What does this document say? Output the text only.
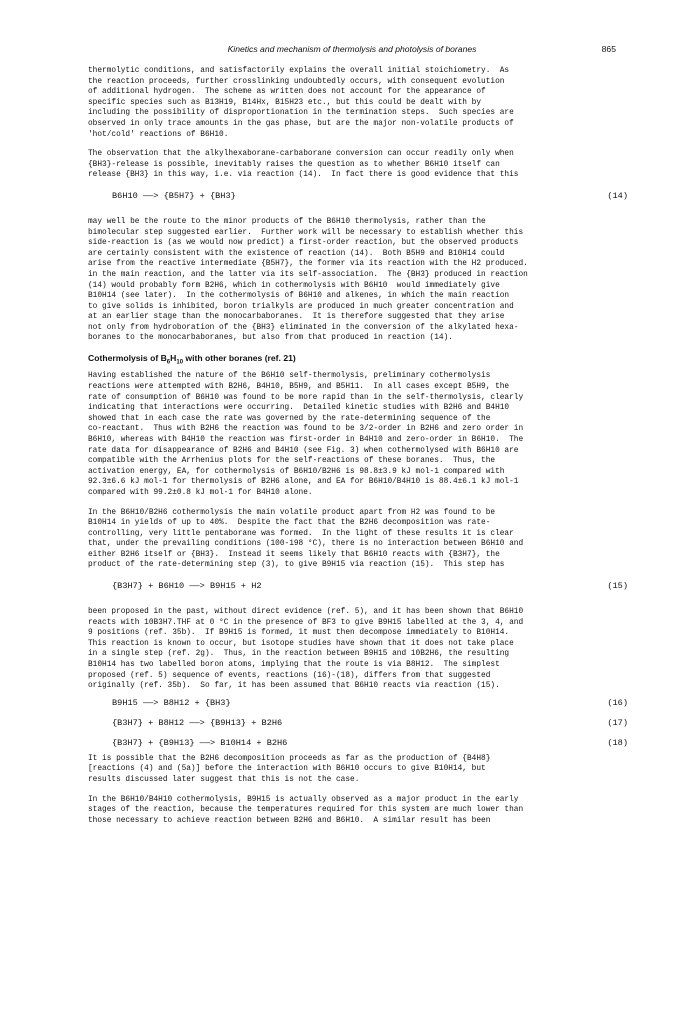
Kinetics and mechanism of thermolysis and photolysis of boranes	865

thermolytic conditions, and satisfactorily explains the overall initial stoichiometry.  As
the reaction proceeds, further crosslinking undoubtedly occurs, with consequent evolution
of additional hydrogen.  The scheme as written does not account for the appearance of
specific species such as B13H19, B14Hx, B15H23 etc., but this could be dealt with by
including the possibility of disproportionation in the termination steps.  Such species are
observed in only trace amounts in the gas phase, but are the major non-volatile products of
'hot/cold' reactions of B6H10.

The observation that the alkylhexaborane-carbaborane conversion can occur readily only when
{BH3}-release is possible, inevitably raises the question as to whether B6H10 itself can
release {BH3} in this way, i.e. via reaction (14).  In fact there is good evidence that this

B6H10 ——> {B5H7} + {BH3}	(14)

may well be the route to the minor products of the B6H10 thermolysis, rather than the
bimolecular step suggested earlier.  Further work will be necessary to establish whether this
side-reaction is (as we would now predict) a first-order reaction, but the observed products
are certainly consistent with the existence of reaction (14).  Both B5H9 and B10H14 could
arise from the reactive intermediate {B5H7}, the former via its reaction with the H2 produced.
in the main reaction, and the latter via its self-association.  The {BH3} produced in reaction
(14) would probably form B2H6, which in cothermolysis with B6H10  would immediately give
B10H14 (see later).  In the cothermolysis of B6H10 and alkenes, in which the main reaction
to give solids is inhibited, boron trialkyls are produced in much greater concentration and
at an earlier stage than the monocarbaboranes.  It is therefore suggested that they arise
not only from hydroboration of the {BH3} eliminated in the conversion of the alkylated hexa-
boranes to the monocarbaboranes, but also from that produced in reaction (14).

Cothermolysis of $B_6H_{10}$ with other boranes (ref. 21)

Having established the nature of the B6H10 self-thermolysis, preliminary cothermolysis
reactions were attempted with B2H6, B4H10, B5H9, and B5H11.  In all cases except B5H9, the
rate of consumption of B6H10 was found to be more rapid than in the self-thermolysis, clearly
indicating that interactions were occurring.  Detailed kinetic studies with B2H6 and B4H10
showed that in each case the rate was governed by the rate-determining sequence of the
co-reactant.  Thus with B2H6 the reaction was found to be 3/2-order in B2H6 and zero order in
B6H10, whereas with B4H10 the reaction was first-order in B4H10 and zero-order in B6H10.  The
rate data for disappearance of B2H6 and B4H10 (see Fig. 3) when cothermolysed with B6H10 are
compatible with the Arrhenius plots for the self-reactions of these boranes.  Thus, the
activation energy, EA, for cothermolysis of B6H10/B2H6 is 98.8±3.9 kJ mol-1 compared with
92.3±6.6 kJ mol-1 for thermolysis of B2H6 alone, and EA for B6H10/B4H10 is 88.4±6.1 kJ mol-1
compared with 99.2±0.8 kJ mol-1 for B4H10 alone.

In the B6H10/B2H6 cothermolysis the main volatile product apart from H2 was found to be
B10H14 in yields of up to 40%.  Despite the fact that the B2H6 decomposition was rate-
controlling, very little pentaborane was formed.  In the light of these results it is clear
that, under the prevailing conditions (100-198 °C), there is no interaction between B6H10 and
either B2H6 itself or {BH3}.  Instead it seems likely that B6H10 reacts with {B3H7}, the
product of the rate-determining step (3), to give B9H15 via reaction (15).  This step has

{B3H7} + B6H10 ——> B9H15 + H2	(15)

been proposed in the past, without direct evidence (ref. 5), and it has been shown that B6H10
reacts with 10B3H7.THF at 0 °C in the presence of BF3 to give B9H15 labelled at the 3, 4, and
9 positions (ref. 35b).  If B9H15 is formed, it must then decompose immediately to B10H14.
This reaction is known to occur, but isotope studies have shown that it does not take place
in a single step (ref. 2g).  Thus, in the reaction between B9H15 and 10B2H6, the resulting
B10H14 has two labelled boron atoms, implying that the route is via B8H12.  The simplest
proposed (ref. 5) sequence of events, reactions (16)-(18), differs from that suggested
originally (ref. 35b).  So far, it has been assumed that B6H10 reacts via reaction (15).

B9H15 ——> B8H12 + {BH3}	(16)
{B3H7} + B8H12 ——> {B9H13} + B2H6	(17)
{B3H7} + {B9H13} ——> B10H14 + B2H6	(18)

It is possible that the B2H6 decomposition proceeds as far as the production of {B4H8}
[reactions (4) and (5a)] before the interaction with B6H10 occurs to give B10H14, but
results discussed later suggest that this is not the case.

In the B6H10/B4H10 cothermolysis, B9H15 is actually observed as a major product in the early
stages of the reaction, because the temperatures required for this system are much lower than
those necessary to achieve reaction between B2H6 and B6H10.  A similar result has been
